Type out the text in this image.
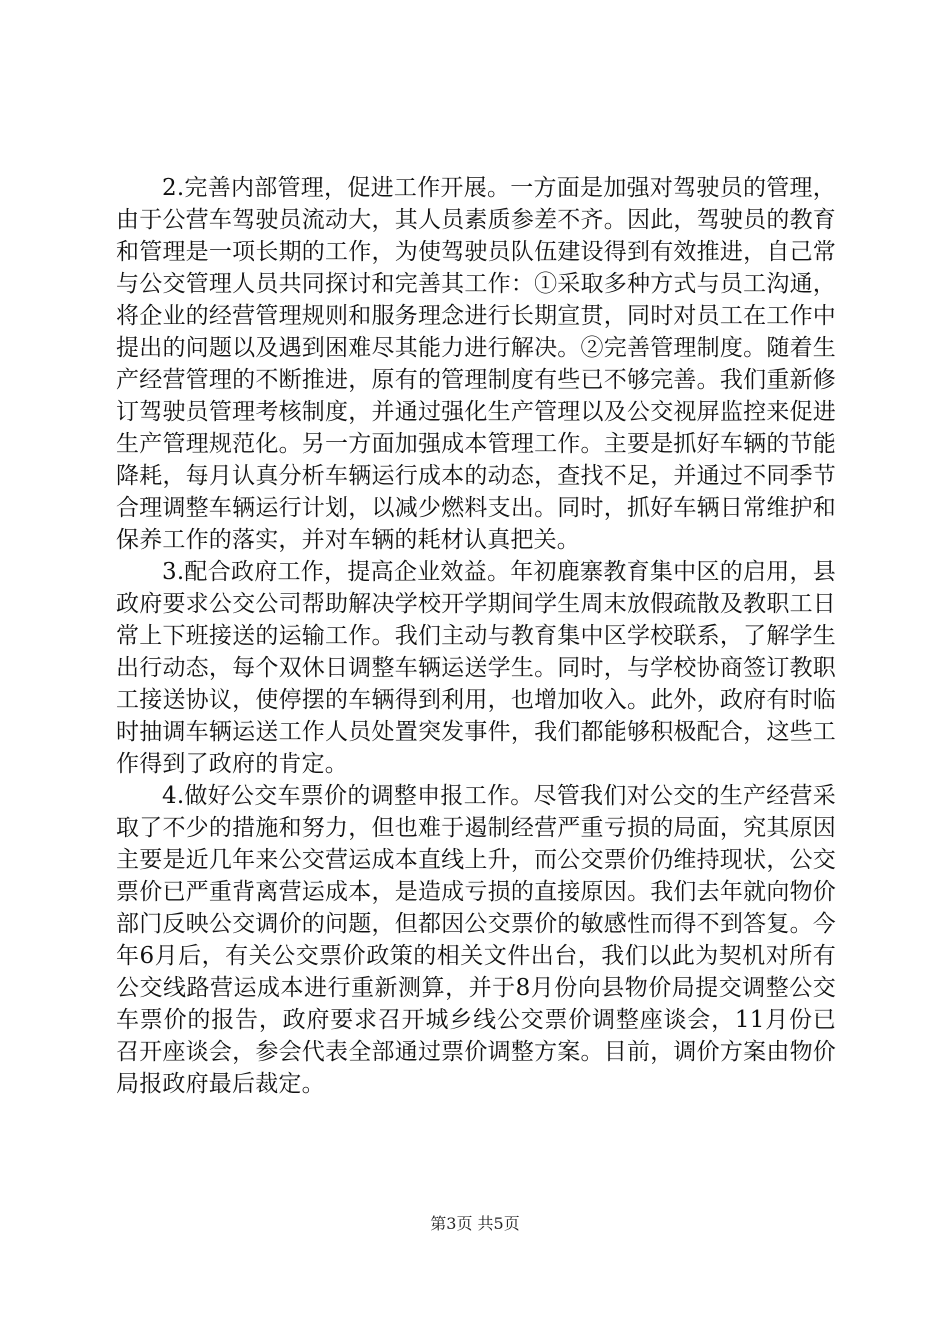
2.完善内部管理，促进工作开展。一方面是加强对驾驶员的管理，由于公营车驾驶员流动大，其人员素质参差不齐。因此，驾驶员的教育和管理是一项长期的工作，为使驾驶员队伍建设得到有效推进，自己常与公交管理人员共同探讨和完善其工作：①采取多种方式与员工沟通，将企业的经营管理规则和服务理念进行长期宣贯，同时对员工在工作中提出的问题以及遇到困难尽其能力进行解决。②完善管理制度。随着生产经营管理的不断推进，原有的管理制度有些已不够完善。我们重新修订驾驶员管理考核制度，并通过强化生产管理以及公交视屏监控来促进生产管理规范化。另一方面加强成本管理工作。主要是抓好车辆的节能降耗，每月认真分析车辆运行成本的动态，查找不足，并通过不同季节合理调整车辆运行计划，以减少燃料支出。同时，抓好车辆日常维护和保养工作的落实，并对车辆的耗材认真把关。

3.配合政府工作，提高企业效益。年初鹿寨教育集中区的启用，县政府要求公交公司帮助解决学校开学期间学生周末放假疏散及教职工日常上下班接送的运输工作。我们主动与教育集中区学校联系，了解学生出行动态，每个双休日调整车辆运送学生。同时，与学校协商签订教职工接送协议，使停摆的车辆得到利用，也增加收入。此外，政府有时临时抽调车辆运送工作人员处置突发事件，我们都能够积极配合，这些工作得到了政府的肯定。

4.做好公交车票价的调整申报工作。尽管我们对公交的生产经营采取了不少的措施和努力，但也难于遏制经营严重亏损的局面，究其原因主要是近几年来公交营运成本直线上升，而公交票价仍维持现状，公交票价已严重背离营运成本，是造成亏损的直接原因。我们去年就向物价部门反映公交调价的问题，但都因公交票价的敏感性而得不到答复。今年6月后，有关公交票价政策的相关文件出台，我们以此为契机对所有公交线路营运成本进行重新测算，并于8月份向县物价局提交调整公交车票价的报告，政府要求召开城乡线公交票价调整座谈会，11月份已召开座谈会，参会代表全部通过票价调整方案。目前，调价方案由物价局报政府最后裁定。

第3页 共5页
